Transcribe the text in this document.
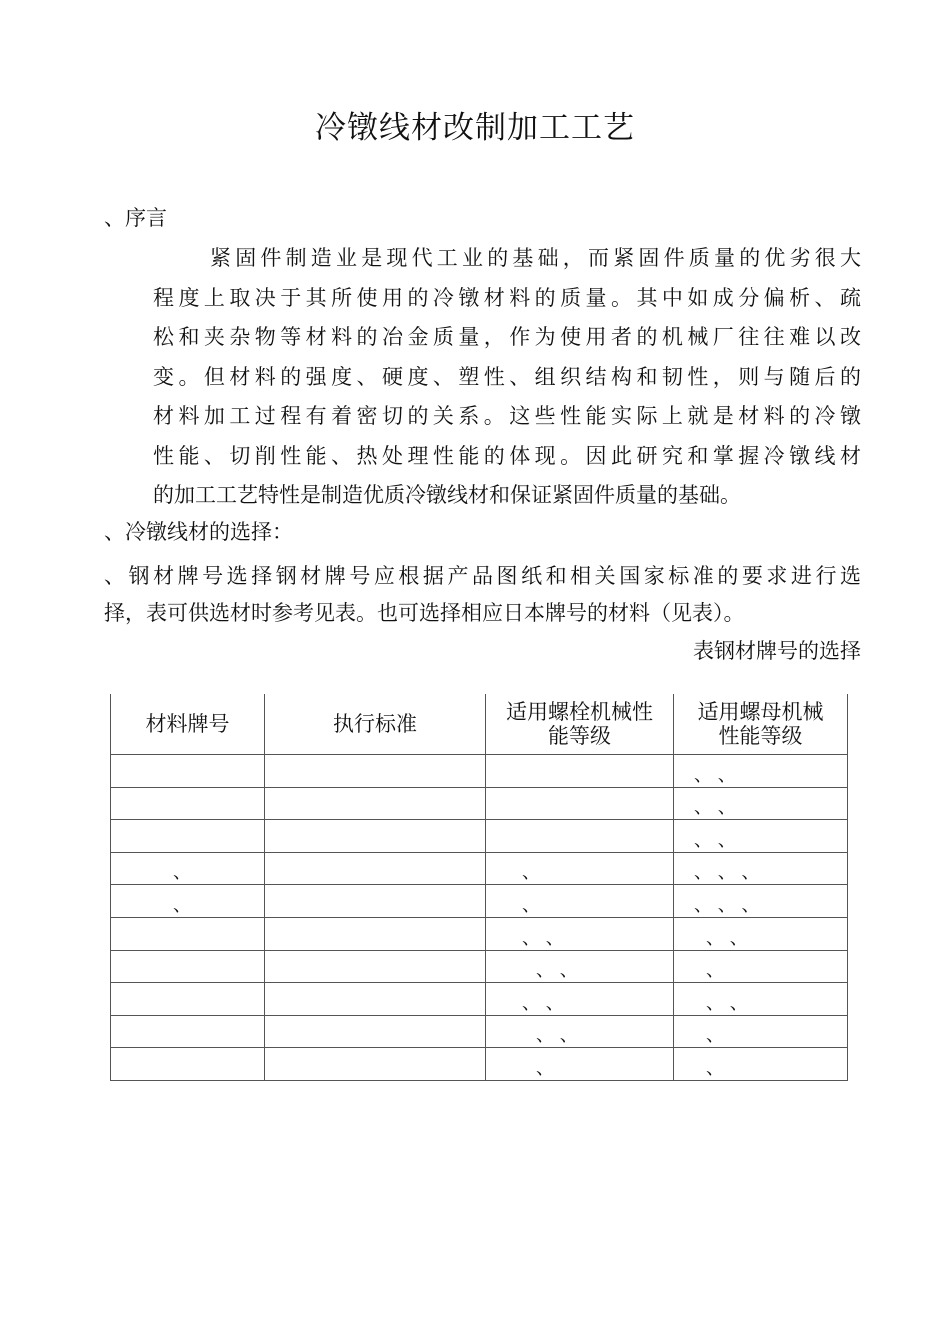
冷镦线材改制加工工艺
、序言
紧固件制造业是现代工业的基础，而紧固件质量的优劣很大
程度上取决于其所使用的冷镦材料的质量。其中如成分偏析、疏
松和夹杂物等材料的冶金质量，作为使用者的机械厂往往难以改
变。但材料的强度、硬度、塑性、组织结构和韧性，则与随后的
材料加工过程有着密切的关系。这些性能实际上就是材料的冷镦
性能、切削性能、热处理性能的体现。因此研究和掌握冷镦线材
的加工工艺特性是制造优质冷镦线材和保证紧固件质量的基础。
、冷镦线材的选择：
、钢材牌号选择钢材牌号应根据产品图纸和相关国家标准的要求进行选
择，表可供选材时参考见表。也可选择相应日本牌号的材料（见表）。
表钢材牌号的选择
材料牌号	执行标准	适用螺栓机械性
能等级	适用螺母机械
性能等级

			、 、

			、 、

			、 、

、		、	、 、 、

、		、	、 、 、

		、 、	、 、

		、 、	、

		、 、	、 、

		、 、	、

		、	、
